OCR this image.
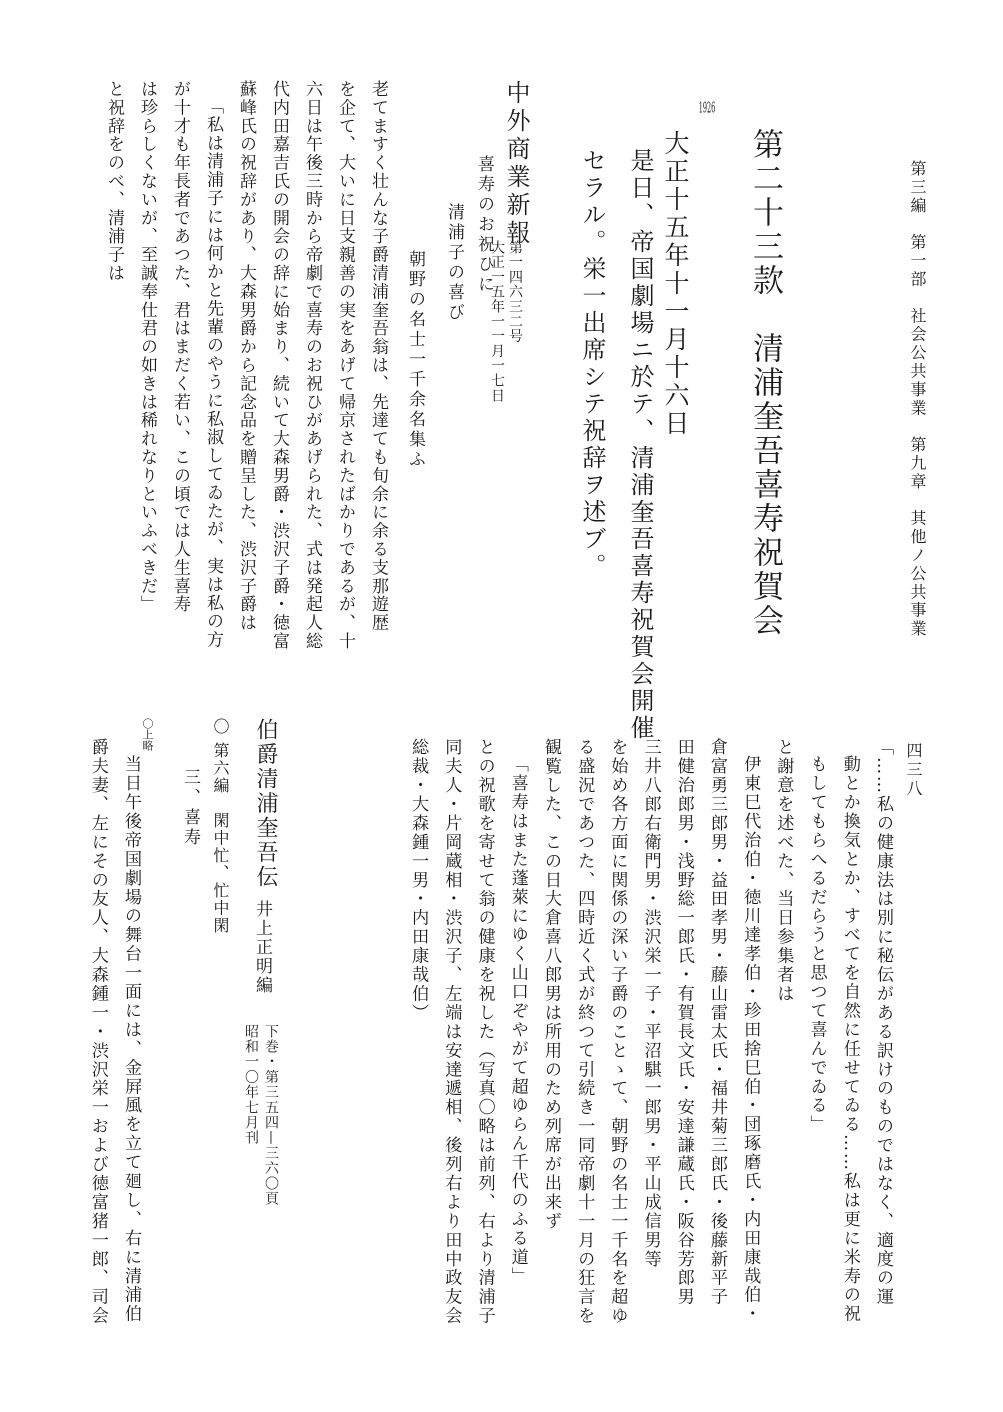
第三編　第一部　社会公共事業　第九章　其他ノ公共事業
四三八
第二十三款　清浦奎吾喜寿祝賀会
1926
大正十五年十一月十六日
是日、帝国劇場ニ於テ、清浦奎吾喜寿祝賀会開催
セラル。栄一出席シテ祝辞ヲ述ブ。
中外商業新報
第一四六三二号
大正一五年一一月一七日
喜寿のお祝ひに
清浦子の喜び
朝野の名士一千余名集ふ
老てますく壮んな子爵清浦奎吾翁は、先達ても旬余に余る支那遊歴
を企て、大いに日支親善の実をあげて帰京されたばかりであるが、十
六日は午後三時から帝劇で喜寿のお祝ひがあげられた、式は発起人総
代内田嘉吉氏の開会の辞に始まり、続いて大森男爵・渋沢子爵・徳富
蘇峰氏の祝辞があり、大森男爵から記念品を贈呈した、渋沢子爵は
「私は清浦子には何かと先輩のやうに私淑してゐたが、実は私の方
が十才も年長者であつた、君はまだく若い、この頃では人生喜寿
は珍らしくないが、至誠奉仕君の如きは稀れなりといふべきだ」
と祝辞をのべ、清浦子は
「……私の健康法は別に秘伝がある訳けのものではなく、適度の運
動とか換気とか、すべてを自然に任せてゐる……私は更に米寿の祝
もしてもらへるだらうと思つて喜んでゐる」
と謝意を述べた、当日参集者は
伊東巳代治伯・徳川達孝伯・珍田捨巳伯・団琢磨氏・内田康哉伯・
倉富勇三郎男・益田孝男・藤山雷太氏・福井菊三郎氏・後藤新平子
田健治郎男・浅野総一郎氏・有賀長文氏・安達謙蔵氏・阪谷芳郎男
三井八郎右衛門男・渋沢栄一子・平沼騏一郎男・平山成信男等
を始め各方面に関係の深い子爵のことゝて、朝野の名士一千名を超ゆ
る盛況であつた、四時近く式が終つて引続き一同帝劇十一月の狂言を
観覧した、この日大倉喜八郎男は所用のため列席が出来ず
「喜寿はまた蓬萊にゆく山口ぞやがて超ゆらん千代のふる道」
との祝歌を寄せて翁の健康を祝した（写真〇略は前列、右より清浦子
同夫人・片岡蔵相・渋沢子、左端は安達遞相、後列右より田中政友会
総裁・大森鍾一男・内田康哉伯）
伯爵清浦奎吾伝
井上正明編
下巻・第三五四—三六〇頁
昭和一〇年七月刊
〇 第六編　閑中忙、忙中閑
三、喜寿
〇上略
当日午後帝国劇場の舞台一面には、金屛風を立て廻し、右に清浦伯
爵夫妻、左にその友人、大森鍾一・渋沢栄一および徳富猪一郎、司会
